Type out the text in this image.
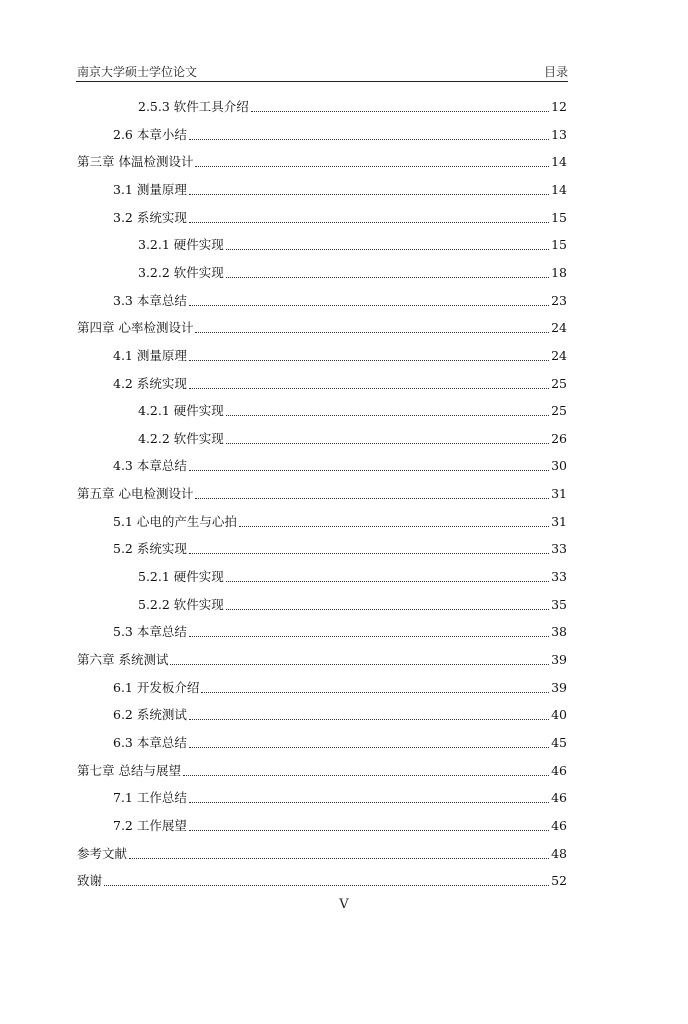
南京大学硕士学位论文	目录
2.5.3 软件工具介绍	12
2.6 本章小结	13
第三章 体温检测设计	14
3.1 测量原理	14
3.2 系统实现	15
3.2.1 硬件实现	15
3.2.2 软件实现	18
3.3 本章总结	23
第四章 心率检测设计	24
4.1 测量原理	24
4.2 系统实现	25
4.2.1 硬件实现	25
4.2.2 软件实现	26
4.3 本章总结	30
第五章 心电检测设计	31
5.1 心电的产生与心拍	31
5.2 系统实现	33
5.2.1 硬件实现	33
5.2.2 软件实现	35
5.3 本章总结	38
第六章 系统测试	39
6.1 开发板介绍	39
6.2 系统测试	40
6.3 本章总结	45
第七章 总结与展望	46
7.1 工作总结	46
7.2 工作展望	46
参考文献	48
致谢	52
V
